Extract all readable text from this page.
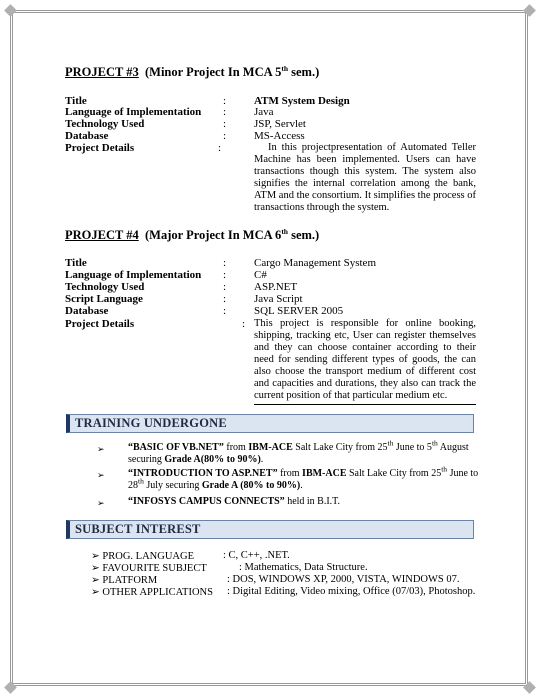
PROJECT #3 (Minor Project In MCA 5th sem.)
Title	:	ATM System Design
Language of Implementation :	Java
Technology Used	:	JSP, Servlet
Database	:	MS-Access
Project Details	:	In this projectpresentation of Automated Teller Machine has been implemented. Users can have transactions though this system. The system also signifies the internal correlation among the bank, ATM and the consortium. It simplifies the process of transactions through the system.
PROJECT #4 (Major Project In MCA 6th sem.)
Title	:	Cargo Management System
Language of Implementation :	C#
Technology Used	:	ASP.NET
Script Language	:	Java Script
Database	:	SQL SERVER 2005
Project Details	: This project is responsible for online booking, shipping, tracking etc, User can register themselves and they can choose container according to their need for sending different types of goods, the can also choose the transport medium of different cost and capacities and durations, they also can track the current position of that particular medium etc.
TRAINING UNDERGONE
➢ “BASIC OF VB.NET” from IBM-ACE Salt Lake City from 25th June to 5th August securing Grade A(80% to 90%).
➢ “INTRODUCTION TO ASP.NET” from IBM-ACE Salt Lake City from 25th June to 28th July securing Grade A (80% to 90%).
➢ “INFOSYS CAMPUS CONNECTS” held in B.I.T.
SUBJECT INTEREST
➢ PROG. LANGUAGE	: C, C++, .NET.
➢ FAVOURITE SUBJECT	: Mathematics, Data Structure.
➢ PLATFORM	: DOS, WINDOWS XP, 2000, VISTA, WINDOWS 07.
➢ OTHER APPLICATIONS : Digital Editing, Video mixing, Office (07/03), Photoshop.
